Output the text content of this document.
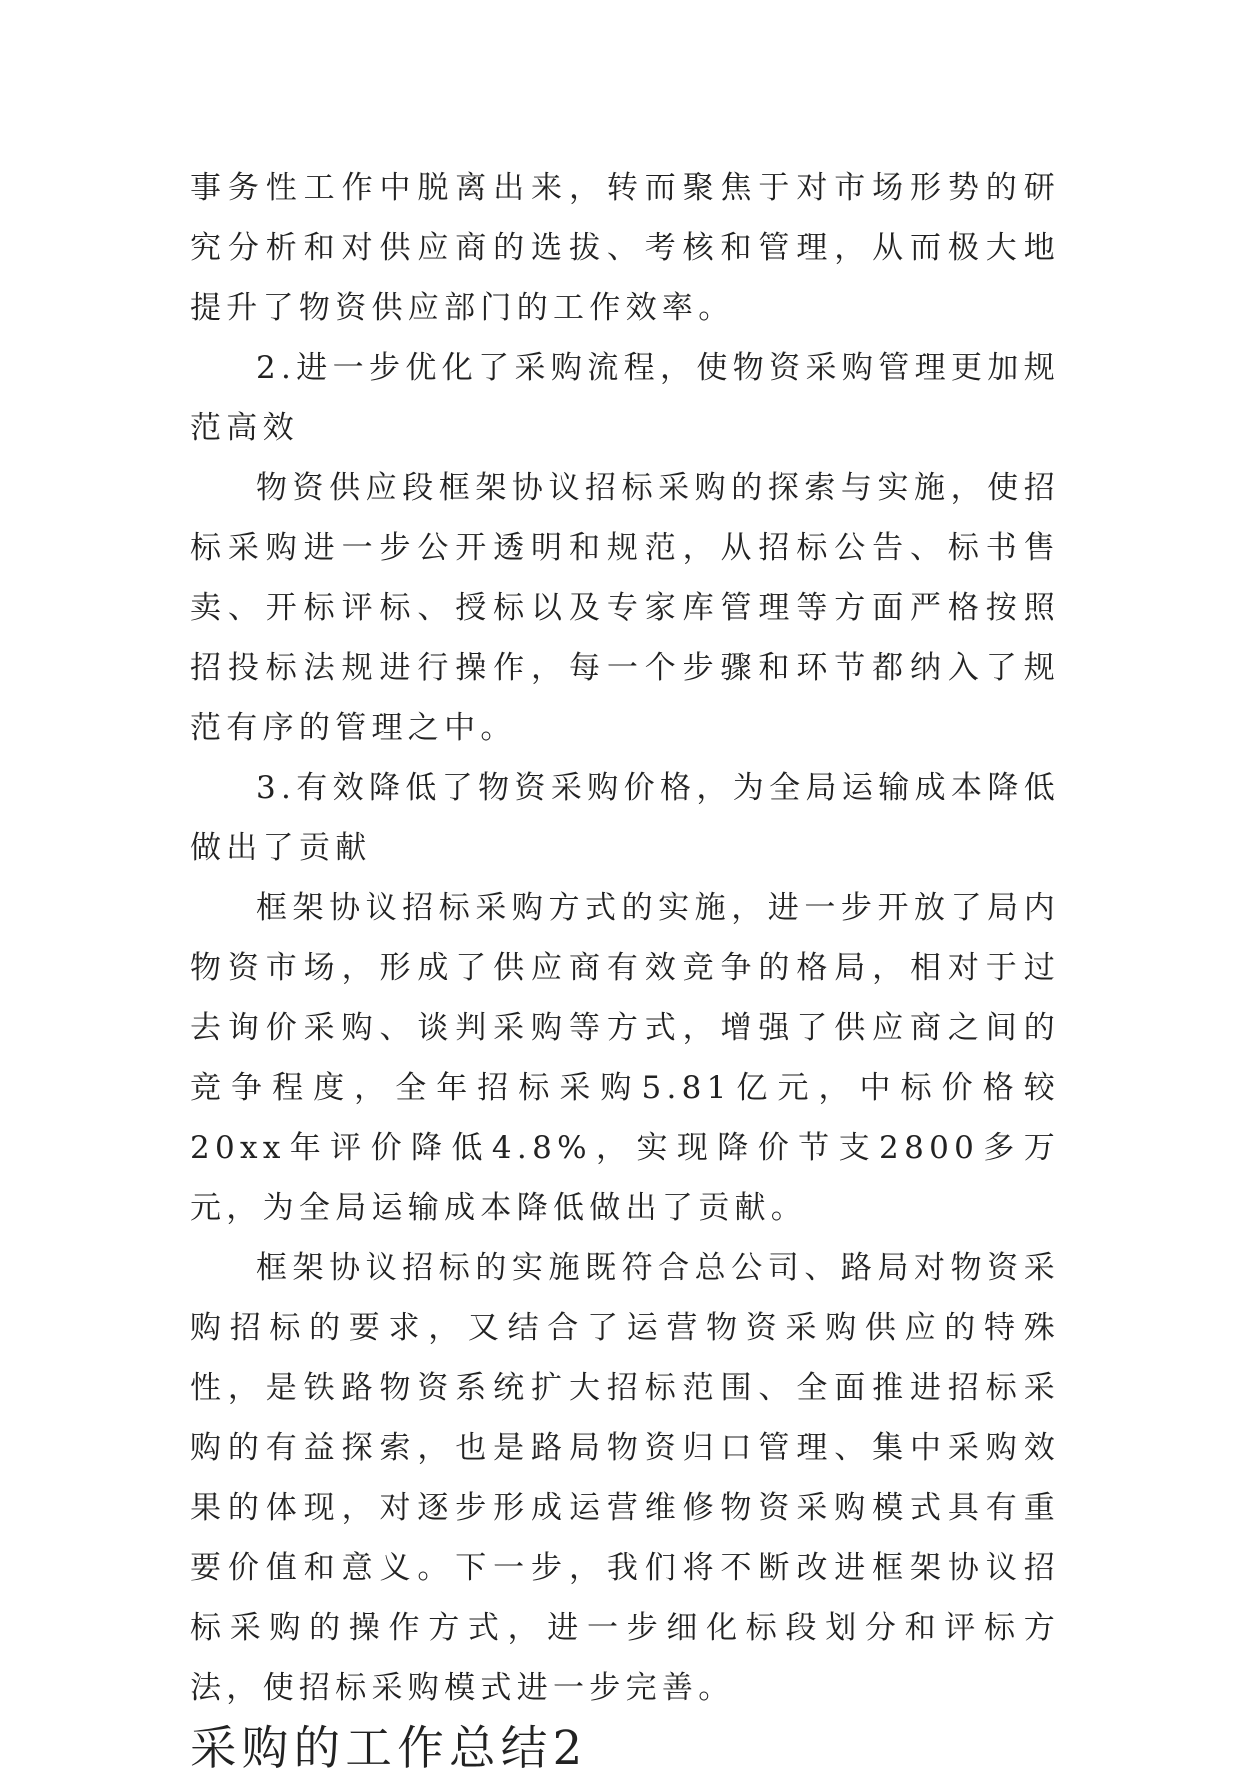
事务性工作中脱离出来，转而聚焦于对市场形势的研究分析和对供应商的选拔、考核和管理，从而极大地提升了物资供应部门的工作效率。

2.进一步优化了采购流程，使物资采购管理更加规范高效

物资供应段框架协议招标采购的探索与实施，使招标采购进一步公开透明和规范，从招标公告、标书售卖、开标评标、授标以及专家库管理等方面严格按照招投标法规进行操作，每一个步骤和环节都纳入了规范有序的管理之中。

3.有效降低了物资采购价格，为全局运输成本降低做出了贡献

框架协议招标采购方式的实施，进一步开放了局内物资市场，形成了供应商有效竞争的格局，相对于过去询价采购、谈判采购等方式，增强了供应商之间的竞争程度，全年招标采购5.81亿元，中标价格较20xx年评价降低4.8%，实现降价节支2800多万元，为全局运输成本降低做出了贡献。

框架协议招标的实施既符合总公司、路局对物资采购招标的要求，又结合了运营物资采购供应的特殊性，是铁路物资系统扩大招标范围、全面推进招标采购的有益探索，也是路局物资归口管理、集中采购效果的体现，对逐步形成运营维修物资采购模式具有重要价值和意义。下一步，我们将不断改进框架协议招标采购的操作方式，进一步细化标段划分和评标方法，使招标采购模式进一步完善。

采购的工作总结2
